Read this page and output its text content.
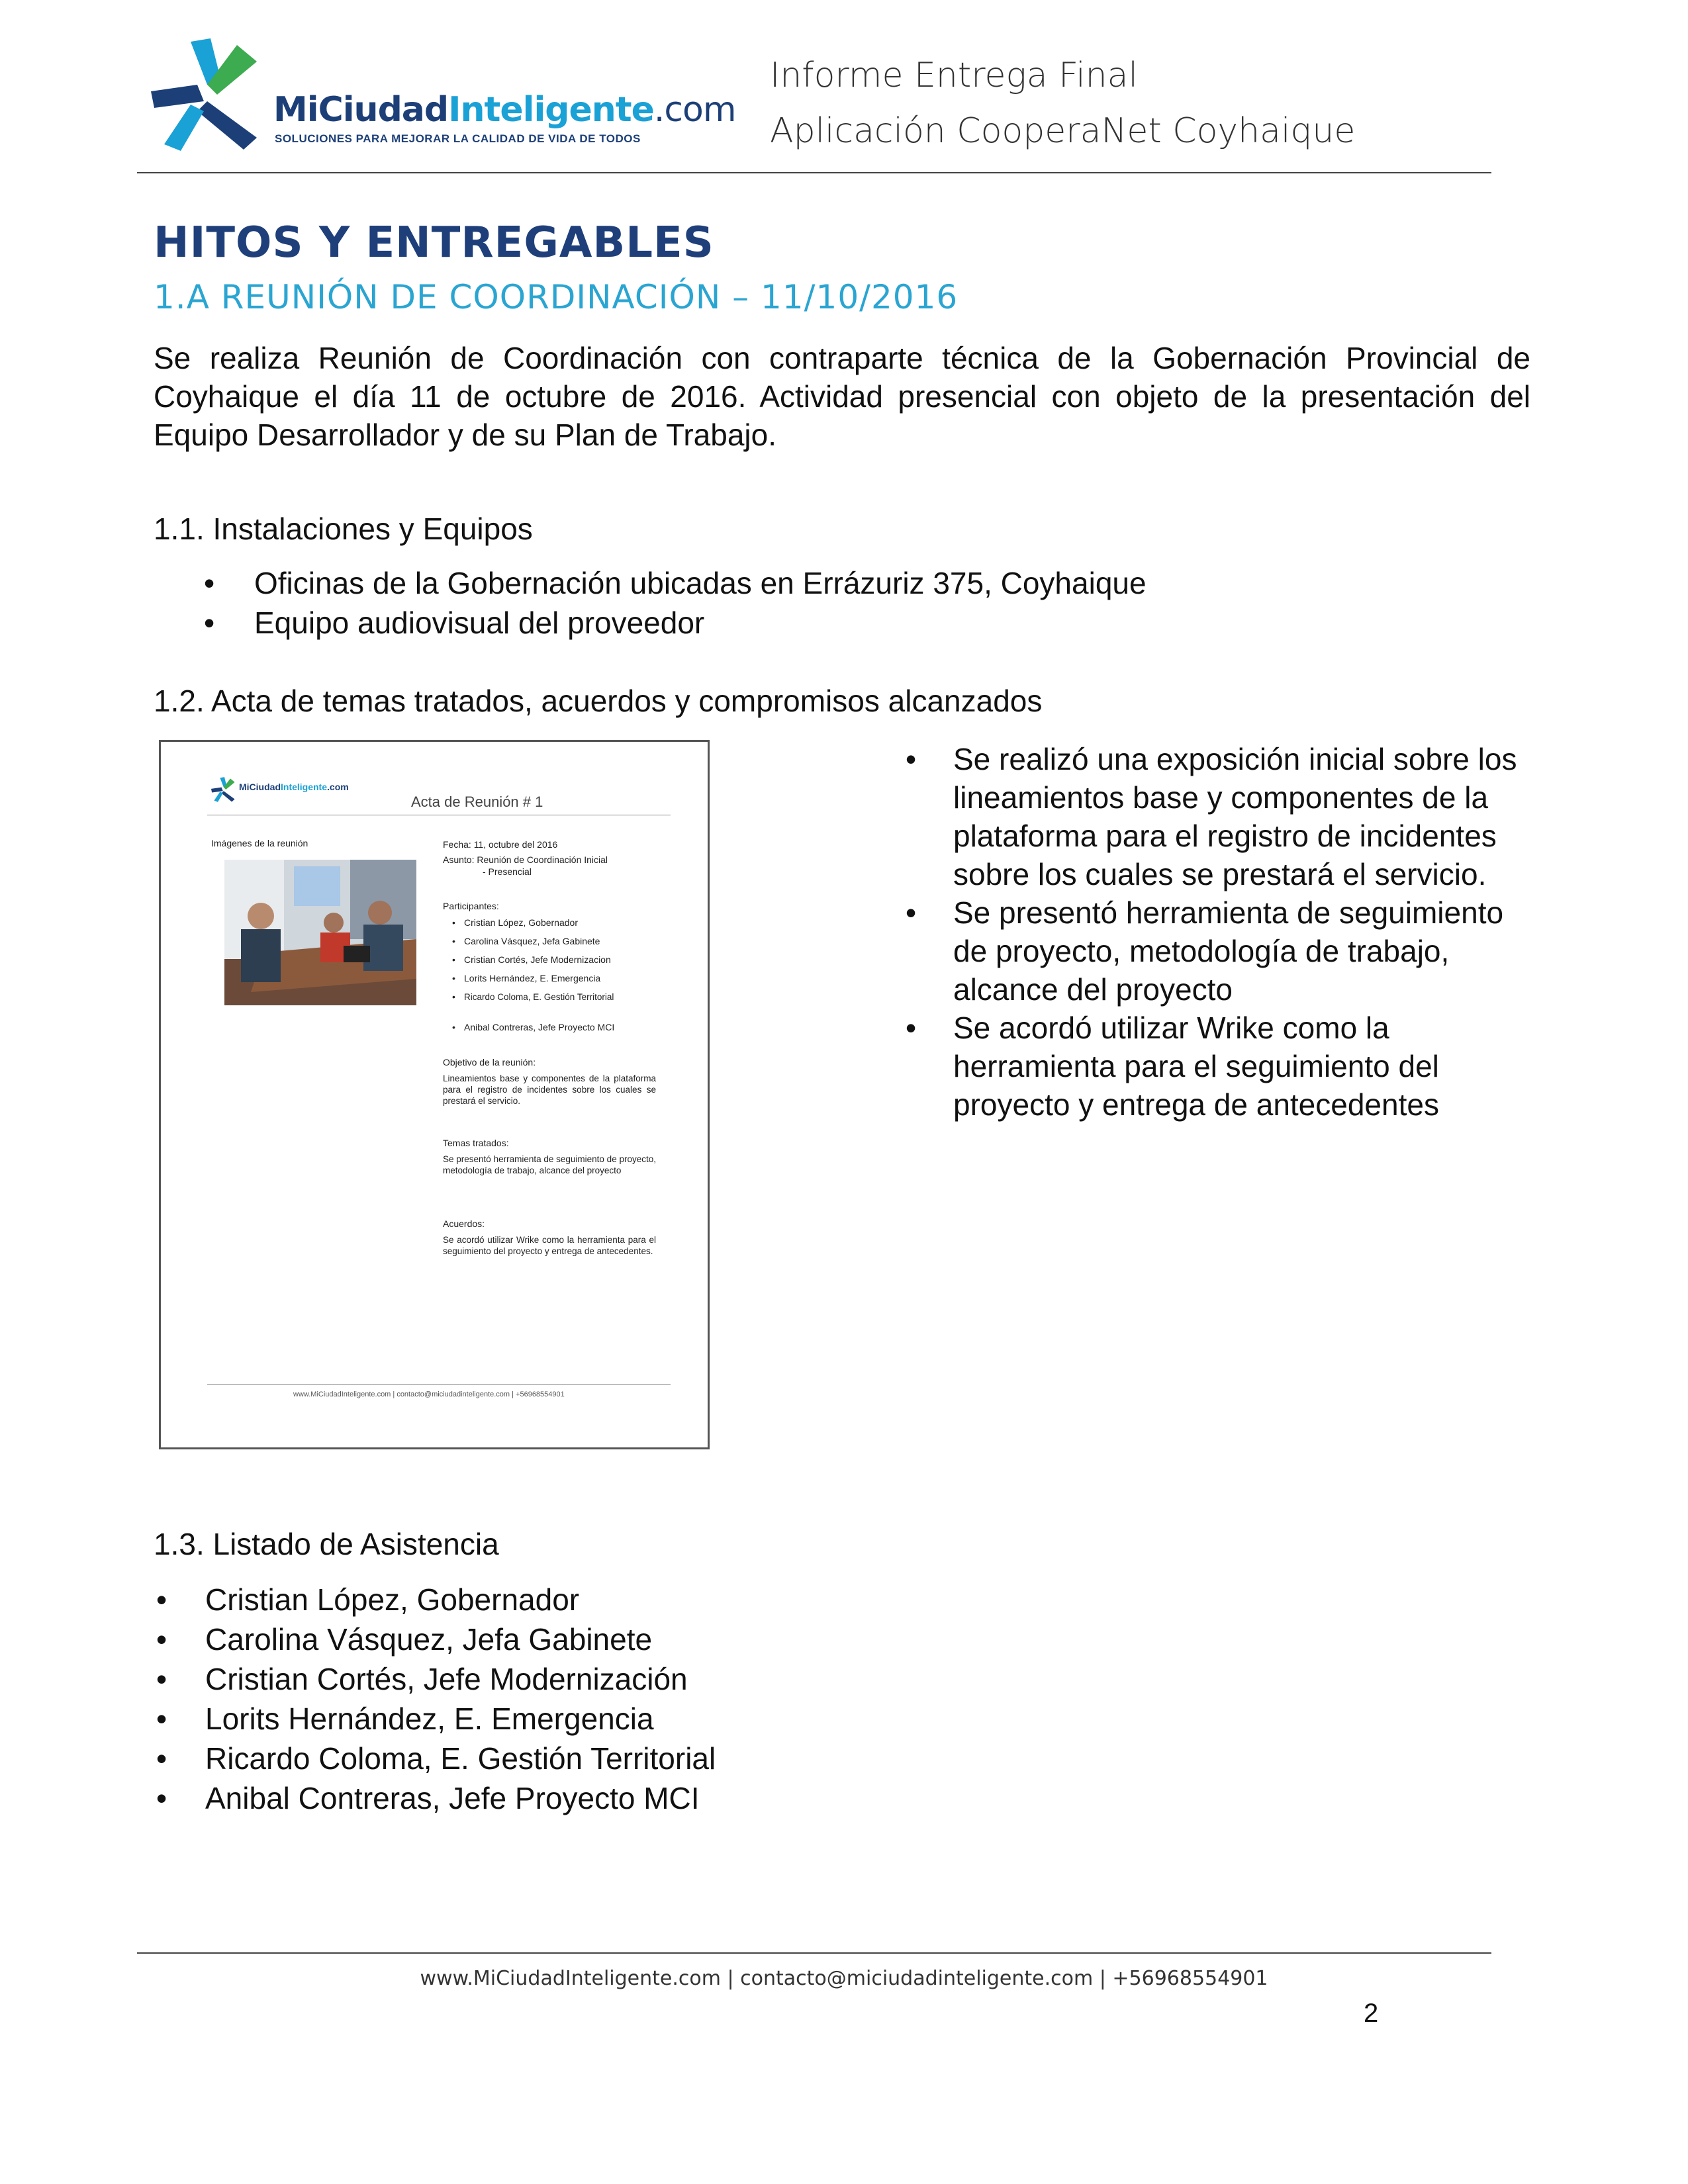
MiCiudadInteligente.com
SOLUCIONES PARA MEJORAR LA CALIDAD DE VIDA DE TODOS
Informe Entrega Final
Aplicación CooperaNet Coyhaique
HITOS Y ENTREGABLES
1.A REUNIÓN DE COORDINACIÓN – 11/10/2016
Se realiza Reunión de Coordinación con contraparte técnica de la Gobernación Provincial de Coyhaique el día 11 de octubre de 2016. Actividad presencial con objeto de la presentación del Equipo Desarrollador y de su Plan de Trabajo.
1.1. Instalaciones y Equipos
• Oficinas de la Gobernación ubicadas en Errázuriz 375, Coyhaique
• Equipo audiovisual del proveedor
1.2. Acta de temas tratados, acuerdos y compromisos alcanzados
MiCiudadInteligente.com
Acta de Reunión # 1
Imágenes de la reunión	Fecha: 11, octubre del 2016
Asunto: Reunión de Coordinación Inicial
- Presencial
Participantes:
• Cristian López, Gobernador
• Carolina Vásquez, Jefa Gabinete
• Cristian Cortés, Jefe Modernizacion
• Lorits Hernández, E. Emergencia
• Ricardo Coloma, E. Gestión Territorial
• Anibal Contreras, Jefe Proyecto MCI
Objetivo de la reunión:
Lineamientos base y componentes de la plataforma para el registro de incidentes sobre los cuales se prestará el servicio.
Temas tratados:
Se presentó herramienta de seguimiento de proyecto, metodología de trabajo, alcance del proyecto
Acuerdos:
Se acordó utilizar Wrike como la herramienta para el seguimiento del proyecto y entrega de antecedentes.
www.MiCiudadInteligente.com | contacto@miciudadinteligente.com | +56968554901

• Se realizó una exposición inicial sobre los lineamientos base y componentes de la plataforma para el registro de incidentes sobre los cuales se prestará el servicio.

• Se presentó herramienta de seguimiento de proyecto, metodología de trabajo, alcance del proyecto

• Se acordó utilizar Wrike como la herramienta para el seguimiento del proyecto y entrega de antecedentes

1.3. Listado de Asistencia
• Cristian López, Gobernador
• Carolina Vásquez, Jefa Gabinete
• Cristian Cortés, Jefe Modernización
• Lorits Hernández, E. Emergencia
• Ricardo Coloma, E. Gestión Territorial
• Anibal Contreras, Jefe Proyecto MCI
www.MiCiudadInteligente.com | contacto@miciudadinteligente.com | +56968554901
2
